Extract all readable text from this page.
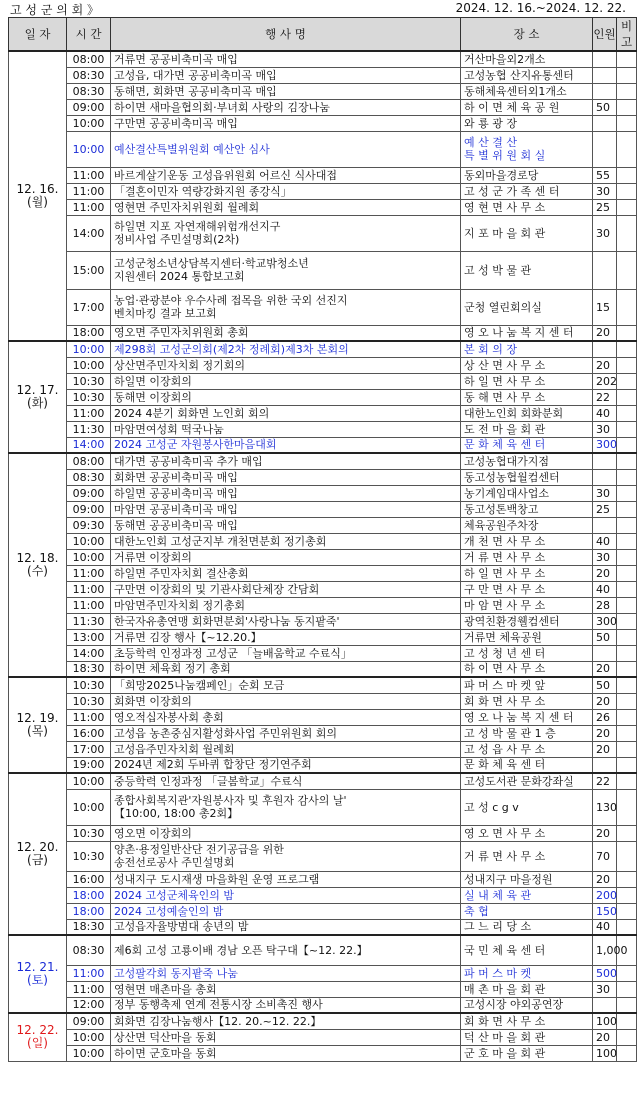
고 성 군 의 회 》	2024. 12. 16.~2024. 12. 22.
일 자	시 간	행 사 명	장 소	인원	비고

12. 16.
(월)	08:00	거류면 공공비축미곡 매입	거산마을외2개소		
	08:30	고성읍, 대가면 공공비축미곡 매입	고성농협 산지유통센터		
	08:30	동해면, 회화면 공공비축미곡 매입	동해체육센터외1개소		
	09:00	하이면 새마을협의회·부녀회 사랑의 김장나눔	하 이 면 체 육 공 원	50	
	10:00	구만면 공공비축미곡 매입	와 룡 광 장		
	10:00	예산결산특별위원회 예산안 심사	예 산 결 산
특 별 위 원 회 실		
	11:00	바르게살기운동 고성읍위원회 어르신 식사대접	동외마을경로당	55	
	11:00	「결혼이민자 역량강화지원 종강식」	고 성 군 가 족 센 터	30	
	11:00	영현면 주민자치위원회 월례회	영 현 면 사 무 소	25	
	14:00	하일면 지포 자연재해위험개선지구
정비사업 주민설명회(2차)	지 포 마 을 회 관	30	
	15:00	고성군청소년상담복지센터·학교밖청소년
지원센터 2024 통합보고회	고 성 박 물 관		
	17:00	농업·관광분야 우수사례 접목을 위한 국외 선진지
벤치마킹 결과 보고회	군청 열린회의실	15	
	18:00	영오면 주민자치위원회 총회	영 오 나 눔 복 지 센 터	20	

12. 17.
(화)	10:00	제298회 고성군의회(제2차 정례회)제3차 본회의	본 회 의 장		
	10:00	상산면주민자치회 정기회의	상 산 면 사 무 소	20	
	10:30	하일면 이장회의	하 일 면 사 무 소	202	
	10:30	동해면 이장회의	동 해 면 사 무 소	22	
	11:00	2024 4분기 회화면 노인회 회의	대한노인회 회화분회	40	
	11:30	마암면여성회 떡국나눔	도 전 마 을 회 관	30	
	14:00	2024 고성군 자원봉사한마음대회	문 화 체 육 센 터	300	

12. 18.
(수)	08:00	대가면 공공비축미곡 추가 매입	고성농협대가지점		
	08:30	회화면 공공비축미곡 매입	동고성농협월컴센터		
	09:00	하일면 공공비축미곡 매입	농기계임대사업소	30	
	09:00	마암면 공공비축미곡 매입	동고성톤백창고	25	
	09:30	동해면 공공비축미곡 매입	체육공원주차장		
	10:00	대한노인회 고성군지부 개천면분회 정기총회	개 천 면 사 무 소	40	
	10:00	거류면 이장회의	거 류 면 사 무 소	30	
	11:00	하일면 주민자치회 결산총회	하 일 면 사 무 소	20	
	11:00	구만면 이장회의 및 기관사회단체장 간담회	구 만 면 사 무 소	40	
	11:00	마암면주민자치회 정기총회	마 암 면 사 무 소	28	
	11:30	한국자유총연맹 회화면분회'사랑나눔 동지팥죽'	광역친환경웰컴센터	300	
	13:00	거류면 김장 행사【~12.20.】	거류면 체육공원	50	
	14:00	초등학력 인정과정 고성군 「늘배움학교 수료식」	고 성 청 년 센 터		
	18:30	하이면 체육회 정기 총회	하 이 면 사 무 소	20	

12. 19.
(목)	10:30	「희망2025나눔캠페인」순회 모금	파 머 스 마 켓 앞	50	
	10:30	회화면 이장회의	회 화 면 사 무 소	20	
	11:00	영오적십자봉사회 총회	영 오 나 눔 복 지 센 터	26	
	16:00	고성읍 농촌중심지활성화사업 주민위원회 회의	고 성 박 물 관 1 층	20	
	17:00	고성읍주민자치회 월례회	고 성 읍 사 무 소	20	
	19:00	2024년 제2회 두바퀴 합창단 정기연주회	문 화 체 육 센 터		

12. 20.
(금)	10:00	중등학력 인정과정 「글봄학교」수료식	고성도서관 문화강좌실	22	
	10:00	종합사회복지관'자원봉사자 및 후원자 감사의 날'
【10:00, 18:00 총2회】	고 성 c g v	130	
	10:30	영오면 이장회의	영 오 면 사 무 소	20	
	10:30	양촌·용정일반산단 전기공급을 위한
송전선로공사 주민설명회	거 류 면 사 무 소	70	
	16:00	성내지구 도시재생 마을화원 운영 프로그램	성내지구 마을정원	20	
	18:00	2024 고성군체육인의 밤	실 내 체 육 관	200	
	18:00	2024 고성예술인의 밤	축 협	150	
	18:30	고성읍자율방범대 송년의 밤	그 느 리 당 소	40	

12. 21.
(토)	08:30	제6회 고성 고룡이배 경남 오픈 탁구대【~12. 22.】	국 민 체 육 센 터	1,000	
	11:00	고성팔각회 동지팥죽 나눔	파 머 스 마 켓	500	
	11:00	영현면 매촌마을 총회	매 촌 마 을 회 관	30	
	12:00	정부 동행축제 연계 전통시장 소비촉진 행사	고성시장 야외공연장		

12. 22.
(일)	09:00	회화면 김장나눔행사【12. 20.~12. 22.】	회 화 면 사 무 소	100	
	10:00	상산면 덕산마을 동회	덕 산 마 을 회 관	20	
	10:00	하이면 군호마을 동회	군 호 마 을 회 관	100	
